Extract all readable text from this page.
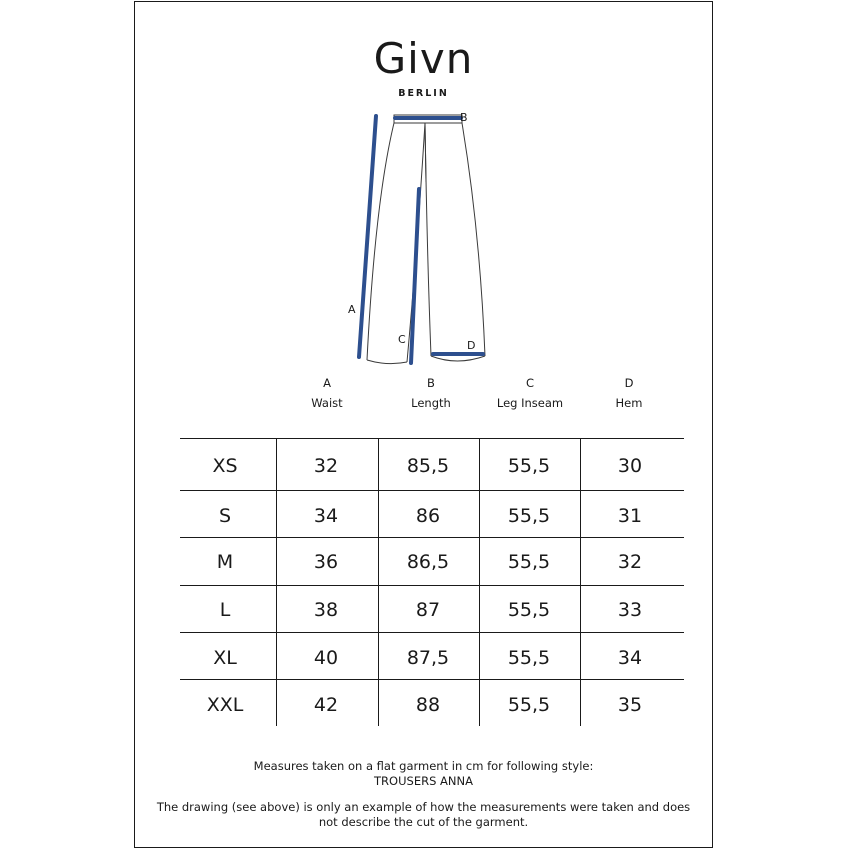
Givn
BERLIN
A
B
C	D
A
Waist
B
Length
C
Leg Inseam
D
Hem
XS	32	85,5	55,5	30
S	34	86	55,5	31
M	36	86,5	55,5	32
L	38	87	55,5	33
XL	40	87,5	55,5	34
XXL	42	88	55,5	35
Measures taken on a flat garment in cm for following style:
TROUSERS ANNA
The drawing (see above) is only an example of how the measurements were taken and does
not describe the cut of the garment.
